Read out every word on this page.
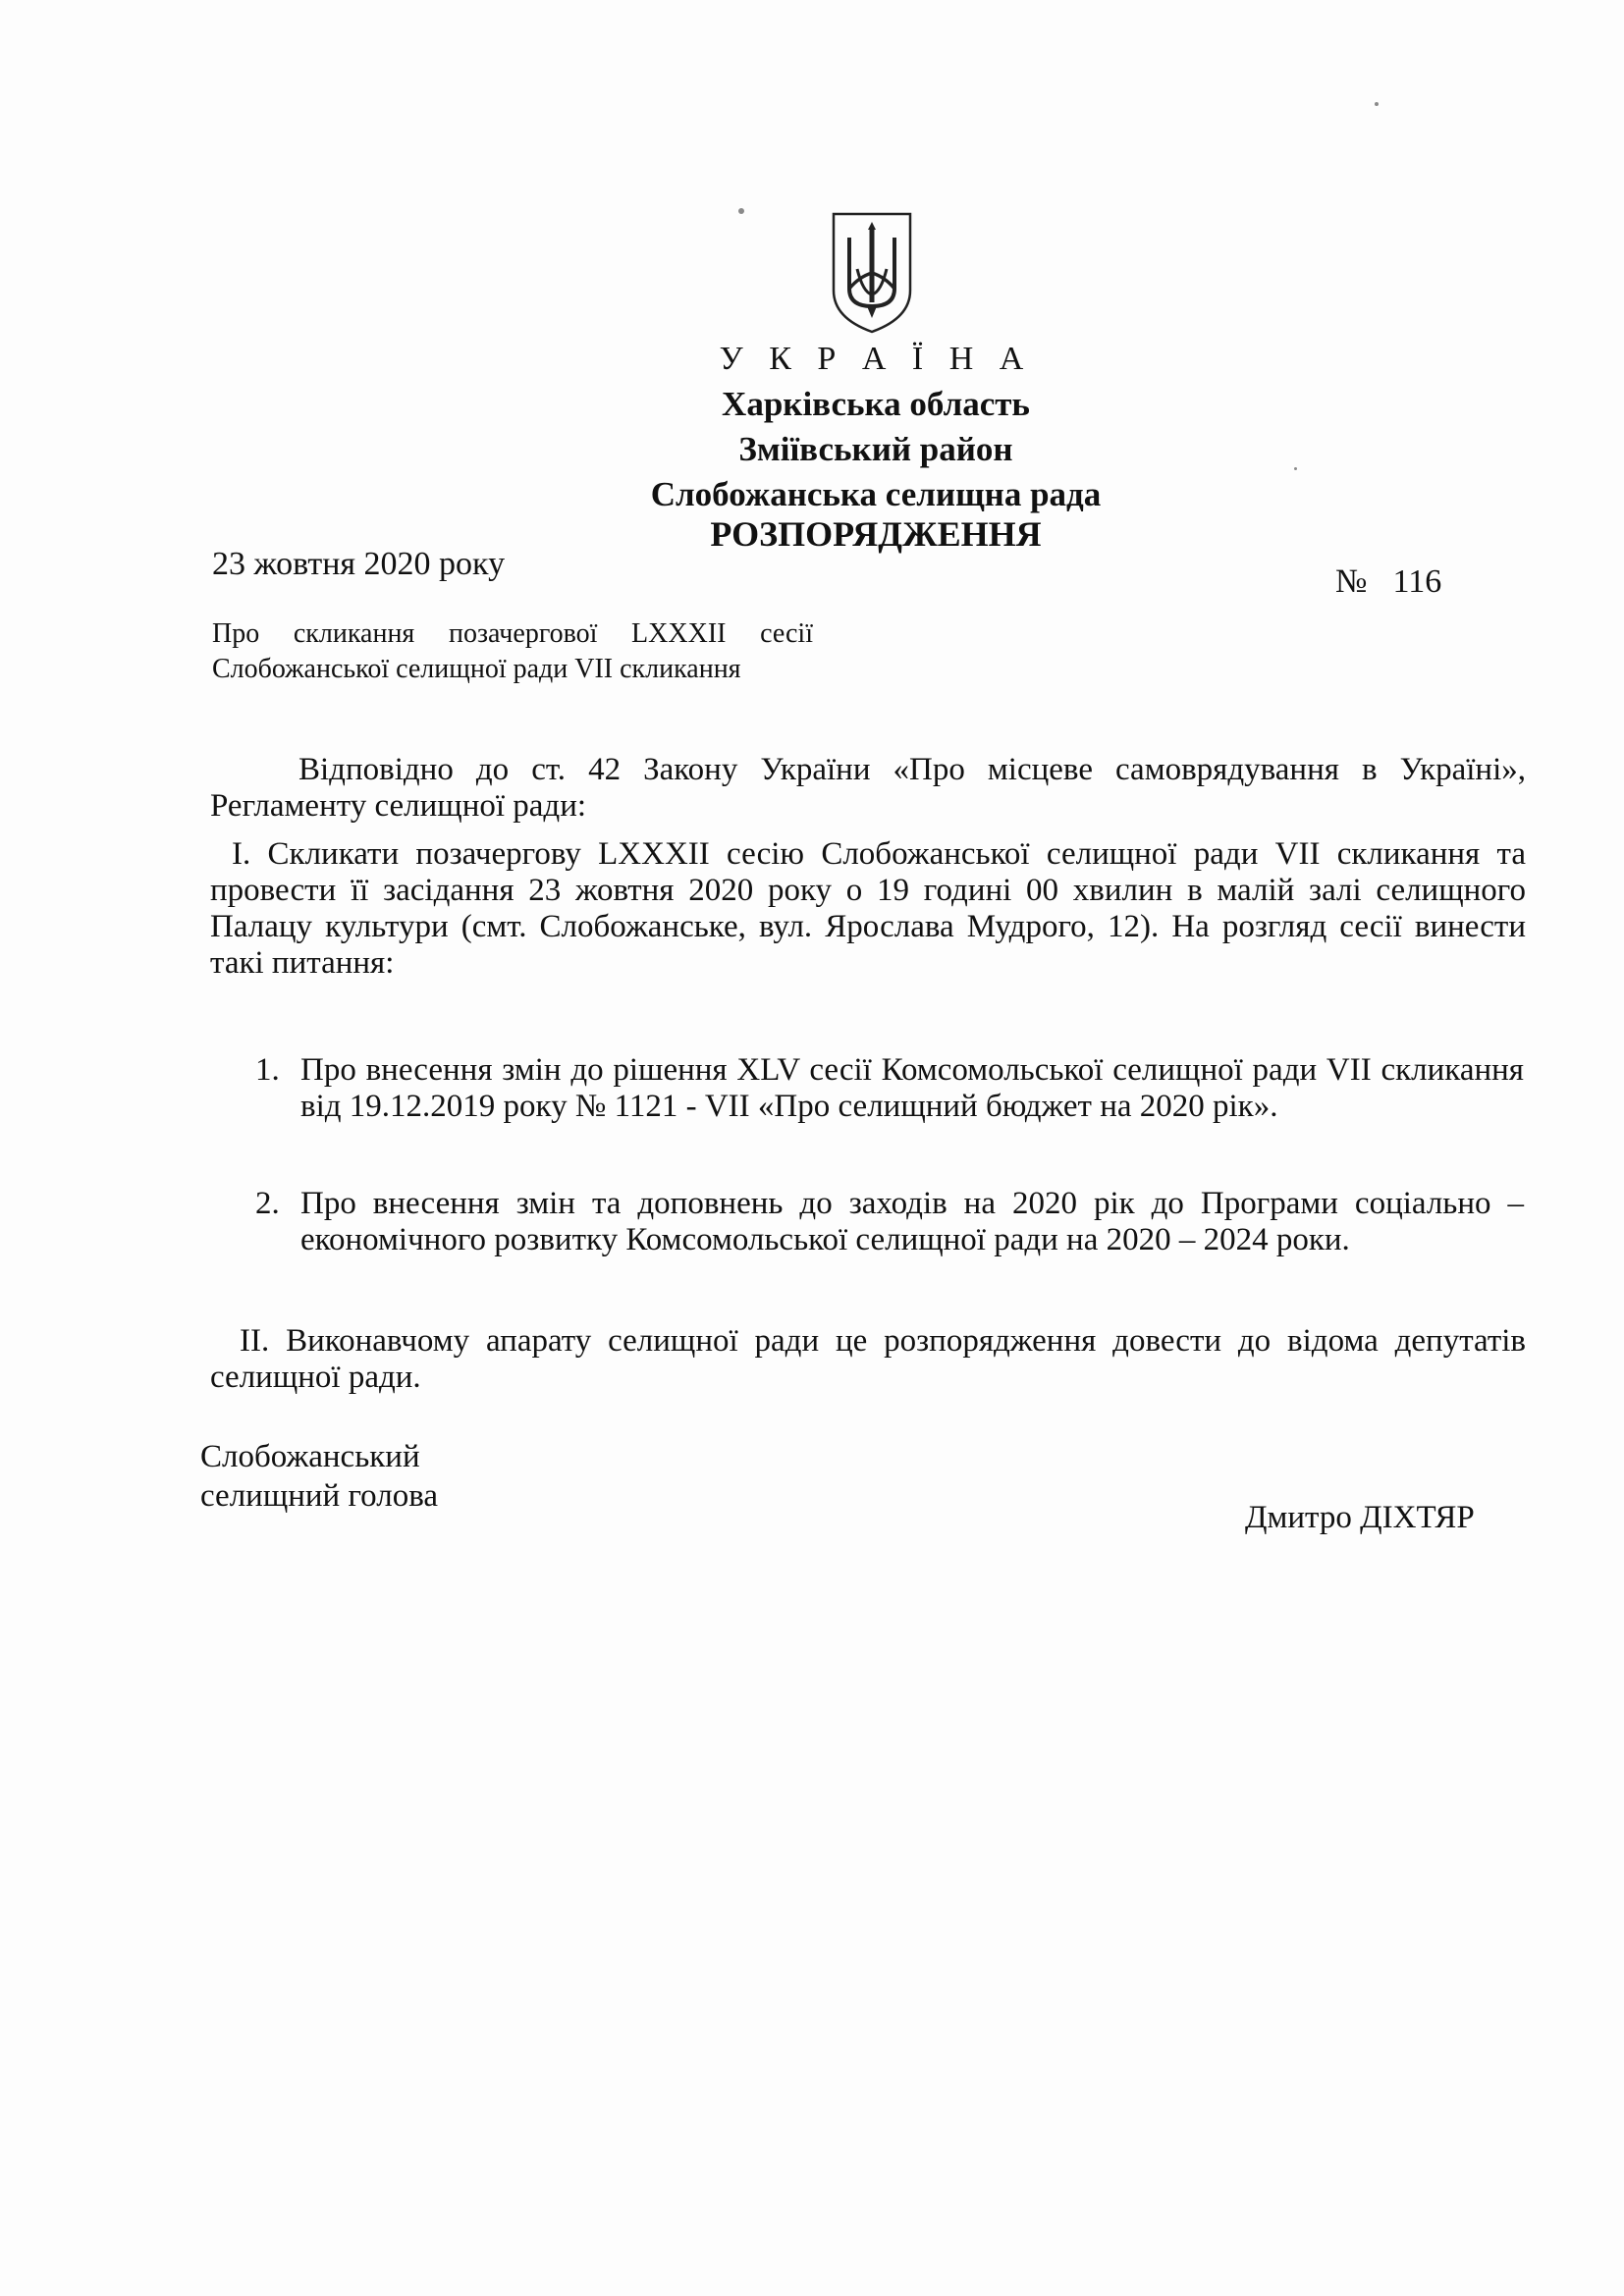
У К Р А Ї Н А
Харківська область
Зміївський район
Слобожанська селищна рада
РОЗПОРЯДЖЕННЯ
23 жовтня 2020 року	№ 116
Про скликання позачергової LXXXII сесії Слобожанської селищної ради VII скликання
Відповідно до ст. 42 Закону України «Про місцеве самоврядування в Україні», Регламенту селищної ради:
І. Скликати позачергову LXXXII сесію Слобожанської селищної ради VII скликання та провести її засідання 23 жовтня 2020 року о 19 годині 00 хвилин в малій залі селищного Палацу культури (смт. Слобожанське, вул. Ярослава Мудрого, 12). На розгляд сесії винести такі питання:
1. Про внесення змін до рішення XLV сесії Комсомольської селищної ради VII скликання від 19.12.2019 року № 1121 - VII «Про селищний бюджет на 2020 рік».
2. Про внесення змін та доповнень до заходів на 2020 рік до Програми соціально – економічного розвитку Комсомольської селищної ради на 2020 – 2024 роки.
ІІ. Виконавчому апарату селищної ради це розпорядження довести до відома депутатів селищної ради.
Слобожанський
селищний голова
Дмитро ДІХТЯР
